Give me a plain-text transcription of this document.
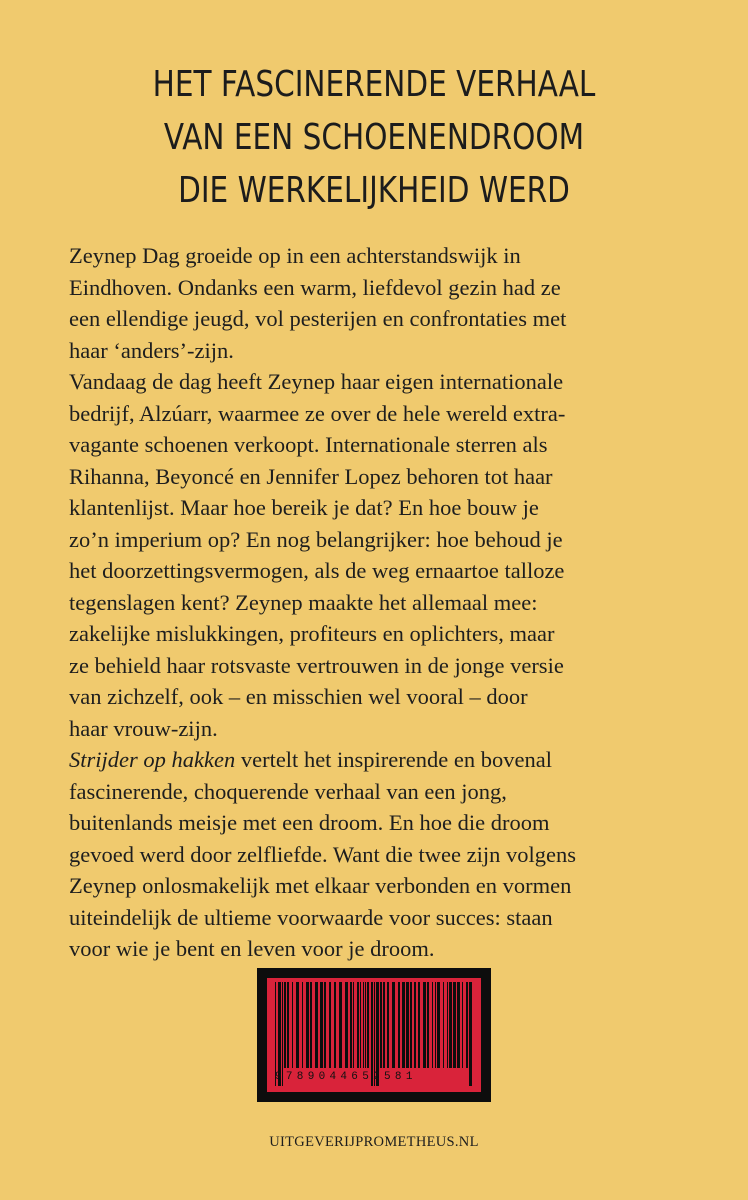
HET FASCINERENDE VERHAAL
VAN EEN SCHOENENDROOM
DIE WERKELIJKHEID WERD
Zeynep Dag groeide op in een achterstandswijk in
Eindhoven. Ondanks een warm, liefdevol gezin had ze
een ellendige jeugd, vol pesterijen en confrontaties met
haar ‘anders’-zijn.
Vandaag de dag heeft Zeynep haar eigen internationale
bedrijf, Alzúarr, waarmee ze over de hele wereld extra-
vagante schoenen verkoopt. Internationale sterren als
Rihanna, Beyoncé en Jennifer Lopez behoren tot haar
klantenlijst. Maar hoe bereik je dat? En hoe bouw je
zo’n imperium op? En nog belangrijker: hoe behoud je
het doorzettingsvermogen, als de weg ernaartoe talloze
tegenslagen kent? Zeynep maakte het allemaal mee:
zakelijke mislukkingen, profiteurs en oplichters, maar
ze behield haar rotsvaste vertrouwen in de jonge versie
van zichzelf, ook – en misschien wel vooral – door
haar vrouw-zijn.
Strijder op hakken vertelt het inspirerende en bovenal
fascinerende, choquerende verhaal van een jong,
buitenlands meisje met een droom. En hoe die droom
gevoed werd door zelfliefde. Want die twee zijn volgens
Zeynep onlosmakelijk met elkaar verbonden en vormen
uiteindelijk de ultieme voorwaarde voor succes: staan
voor wie je bent en leven voor je droom.
9789044652581
UITGEVERIJPROMETHEUS.NL
